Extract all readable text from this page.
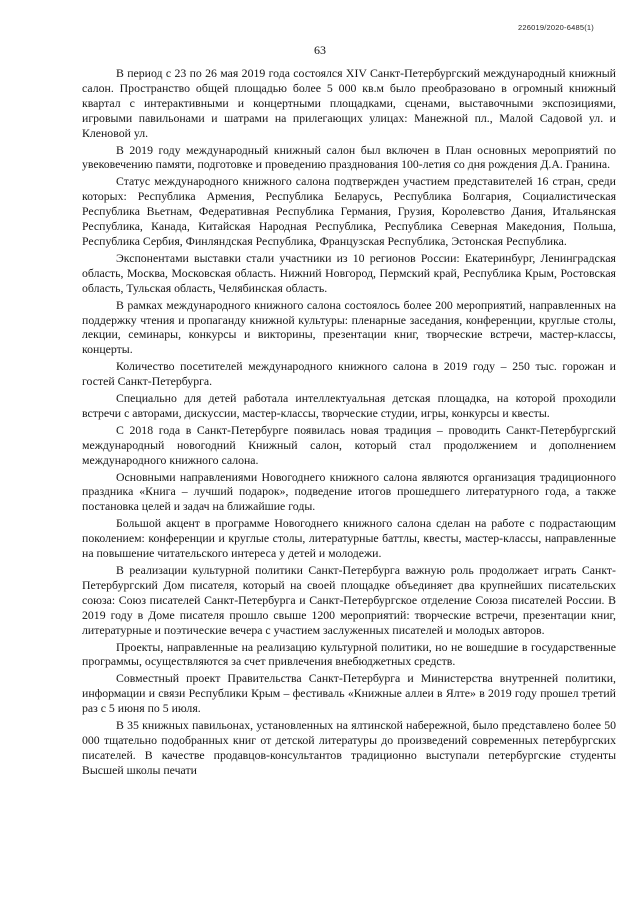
226019/2020-6485(1)
63

В период с 23 по 26 мая 2019 года состоялся XIV Санкт-Петербургский международный книжный салон. Пространство общей площадью более 5 000 кв.м было преобразовано в огромный книжный квартал с интерактивными и концертными площадками, сценами, выставочными экспозициями, игровыми павильонами и шатрами на прилегающих улицах: Манежной пл., Малой Садовой ул. и Кленовой ул.

В 2019 году международный книжный салон был включен в План основных мероприятий по увековечению памяти, подготовке и проведению празднования 100-летия со дня рождения Д.А. Гранина.

Статус международного книжного салона подтвержден участием представителей 16 стран, среди которых: Республика Армения, Республика Беларусь, Республика Болгария, Социалистическая Республика Вьетнам, Федеративная Республика Германия, Грузия, Королевство Дания, Итальянская Республика, Канада, Китайская Народная Республика, Республика Северная Македония, Польша, Республика Сербия, Финляндская Республика, Французская Республика, Эстонская Республика.

Экспонентами выставки стали участники из 10 регионов России: Екатеринбург, Ленинградская область, Москва, Московская область. Нижний Новгород, Пермский край, Республика Крым, Ростовская область, Тульская область, Челябинская область.

В рамках международного книжного салона состоялось более 200 мероприятий, направленных на поддержку чтения и пропаганду книжной культуры: пленарные заседания, конференции, круглые столы, лекции, семинары, конкурсы и викторины, презентации книг, творческие встречи, мастер-классы, концерты.

Количество посетителей международного книжного салона в 2019 году – 250 тыс. горожан и гостей Санкт-Петербурга.

Специально для детей работала интеллектуальная детская площадка, на которой проходили встречи с авторами, дискуссии, мастер-классы, творческие студии, игры, конкурсы и квесты.

С 2018 года в Санкт-Петербурге появилась новая традиция – проводить Санкт-Петербургский международный новогодний Книжный салон, который стал продолжением и дополнением международного книжного салона.

Основными направлениями Новогоднего книжного салона являются организация традиционного праздника «Книга – лучший подарок», подведение итогов прошедшего литературного года, а также постановка целей и задач на ближайшие годы.

Большой акцент в программе Новогоднего книжного салона сделан на работе с подрастающим поколением: конференции и круглые столы, литературные баттлы, квесты, мастер-классы, направленные на повышение читательского интереса у детей и молодежи.

В реализации культурной политики Санкт-Петербурга важную роль продолжает играть Санкт-Петербургский Дом писателя, который на своей площадке объединяет два крупнейших писательских союза: Союз писателей Санкт-Петербурга и Санкт-Петербургское отделение Союза писателей России. В 2019 году в Доме писателя прошло свыше 1200 мероприятий: творческие встречи, презентации книг, литературные и поэтические вечера с участием заслуженных писателей и молодых авторов.

Проекты, направленные на реализацию культурной политики, но не вошедшие в государственные программы, осуществляются за счет привлечения внебюджетных средств.

Совместный проект Правительства Санкт-Петербурга и Министерства внутренней политики, информации и связи Республики Крым – фестиваль «Книжные аллеи в Ялте» в 2019 году прошел третий раз с 5 июня по 5 июля.

В 35 книжных павильонах, установленных на ялтинской набережной, было представлено более 50 000 тщательно подобранных книг от детской литературы до произведений современных петербургских писателей. В качестве продавцов-консультантов традиционно выступали петербургские студенты Высшей школы печати
